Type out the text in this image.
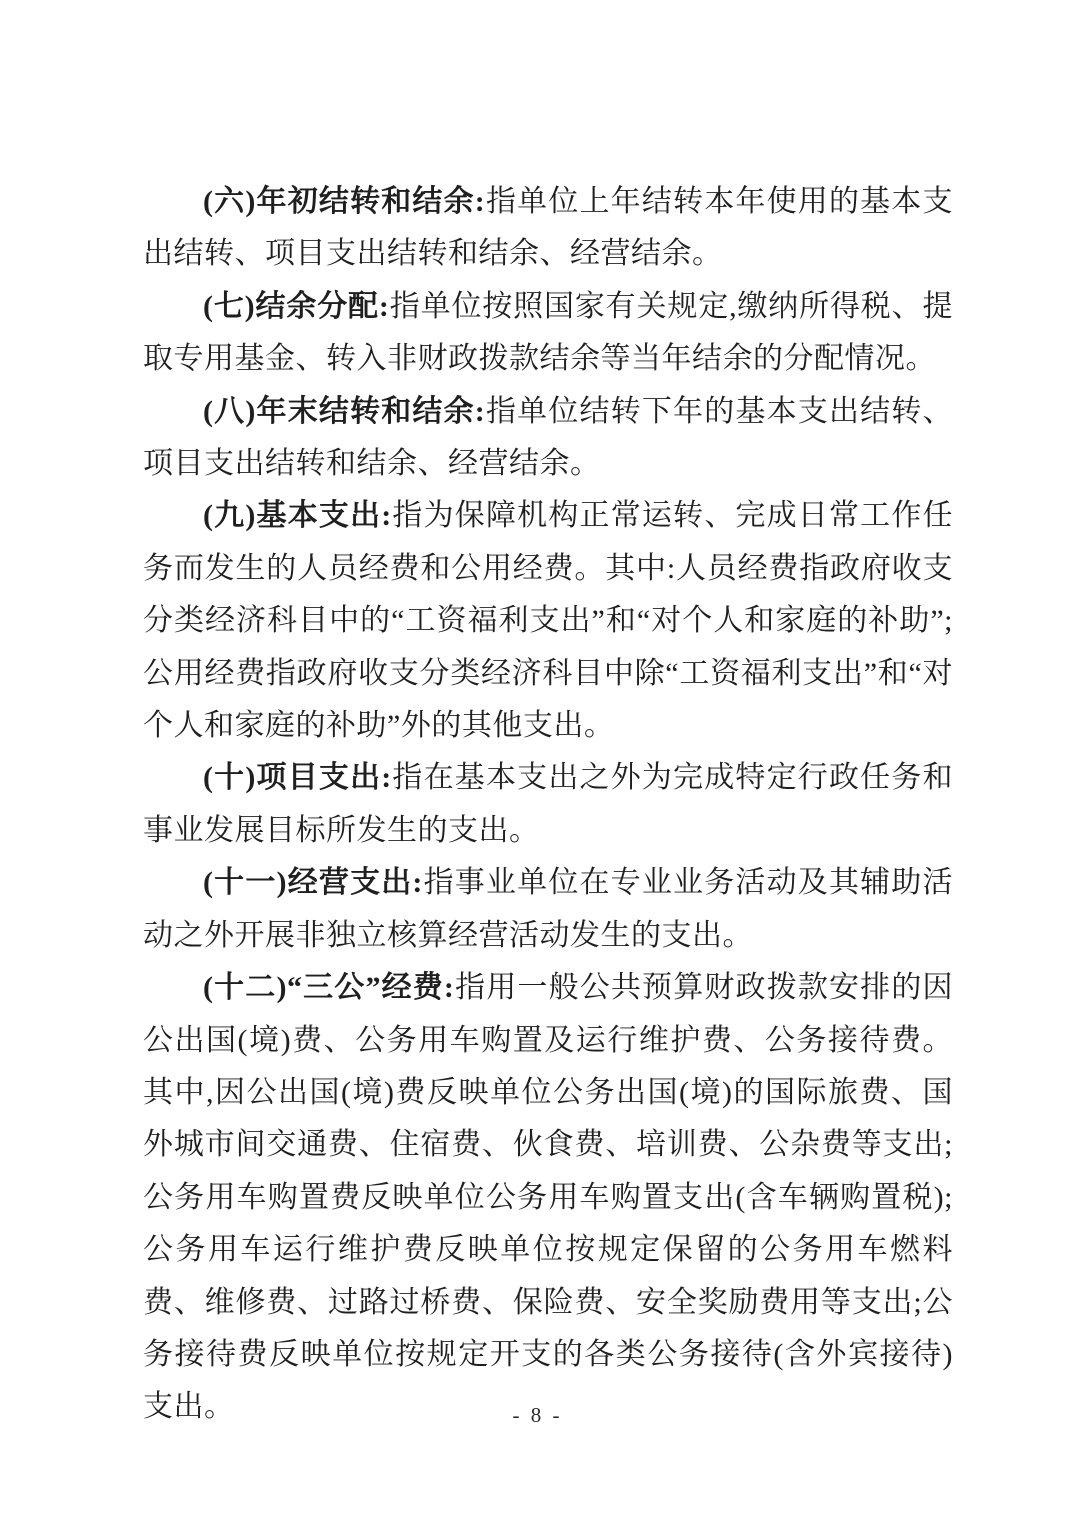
(六)年初结转和结余:指单位上年结转本年使用的基本支出结转、项目支出结转和结余、经营结余。

(七)结余分配:指单位按照国家有关规定,缴纳所得税、提取专用基金、转入非财政拨款结余等当年结余的分配情况。

(八)年末结转和结余:指单位结转下年的基本支出结转、项目支出结转和结余、经营结余。

(九)基本支出:指为保障机构正常运转、完成日常工作任务而发生的人员经费和公用经费。其中:人员经费指政府收支分类经济科目中的“工资福利支出”和“对个人和家庭的补助”;公用经费指政府收支分类经济科目中除“工资福利支出”和“对个人和家庭的补助”外的其他支出。

(十)项目支出:指在基本支出之外为完成特定行政任务和事业发展目标所发生的支出。

(十一)经营支出:指事业单位在专业业务活动及其辅助活动之外开展非独立核算经营活动发生的支出。

(十二)“三公”经费:指用一般公共预算财政拨款安排的因公出国(境)费、公务用车购置及运行维护费、公务接待费。其中,因公出国(境)费反映单位公务出国(境)的国际旅费、国外城市间交通费、住宿费、伙食费、培训费、公杂费等支出;公务用车购置费反映单位公务用车购置支出(含车辆购置税);公务用车运行维护费反映单位按规定保留的公务用车燃料费、维修费、过路过桥费、保险费、安全奖励费用等支出;公务接待费反映单位按规定开支的各类公务接待(含外宾接待)支出。	- 8 -
